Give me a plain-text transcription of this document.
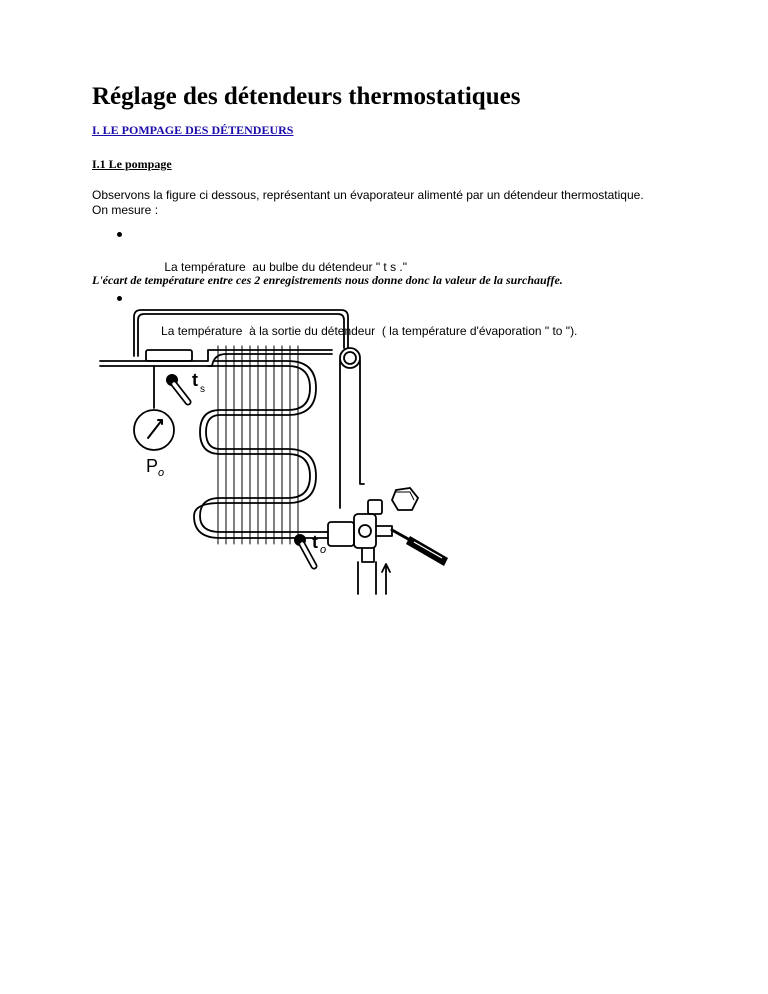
Réglage des détendeurs thermostatiques
I. LE POMPAGE DES DÉTENDEURS
I.1 Le pompage

Observons la figure ci dessous, représentant un évaporateur alimenté par un détendeur thermostatique. On mesure :

La température  au bulbe du détendeur " t s ."

La température  à la sortie du détendeur  ( la température d'évaporation " to ").

L'écart de température entre ces 2 enregistrements nous donne donc la valeur de la surchauffe.
t s
P o
t o
